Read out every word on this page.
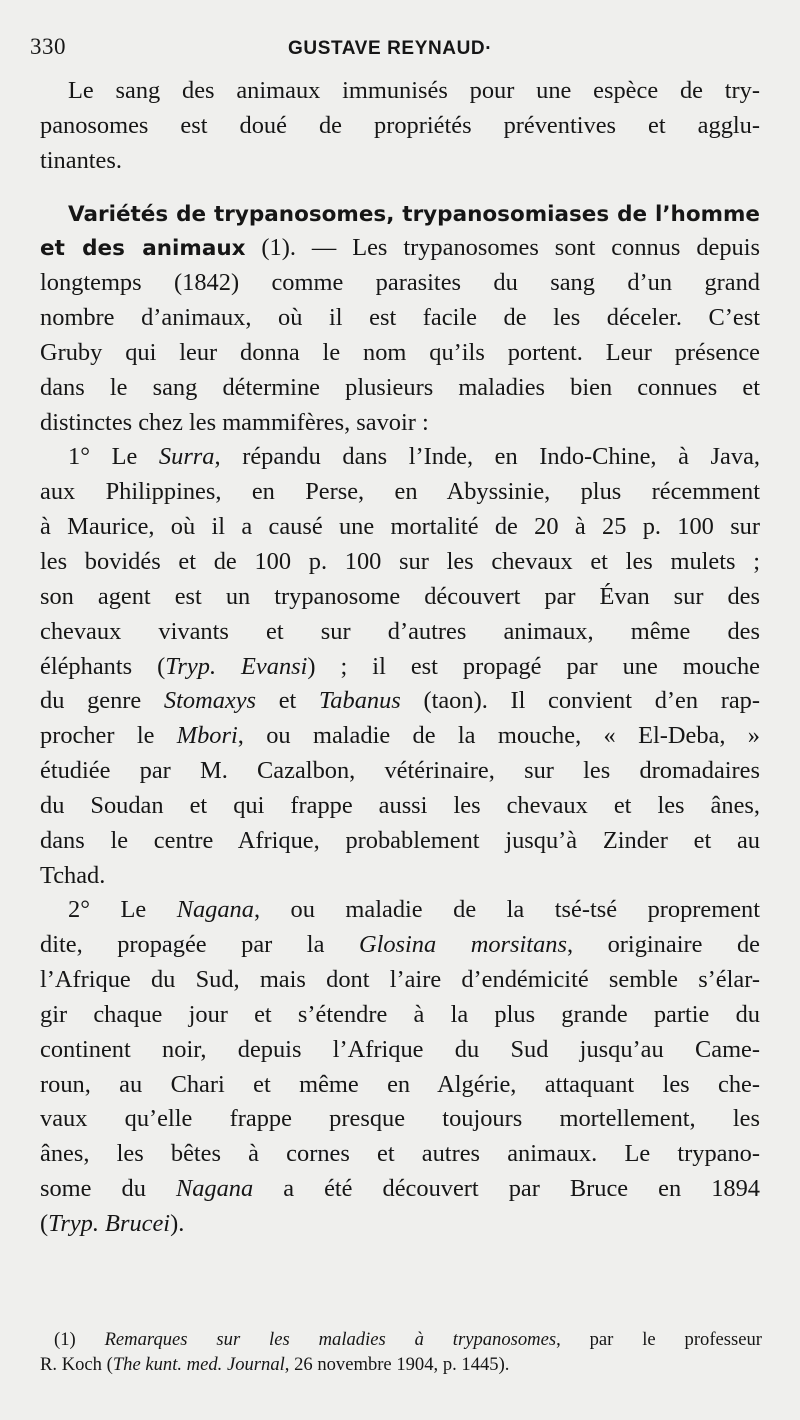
330	GUSTAVE REYNAUD·
Le sang des animaux immunisés pour une espèce de try-
panosomes est doué de propriétés préventives et agglu-
tinantes.
Variétés de trypanosomes, trypanosomiases de l’homme
et des animaux (1). — Les trypanosomes sont connus depuis
longtemps (1842) comme parasites du sang d’un grand
nombre d’animaux, où il est facile de les déceler. C’est
Gruby qui leur donna le nom qu’ils portent. Leur présence
dans le sang détermine plusieurs maladies bien connues et
distinctes chez les mammifères, savoir :
1° Le Surra, répandu dans l’Inde, en Indo-Chine, à Java,
aux Philippines, en Perse, en Abyssinie, plus récemment
à Maurice, où il a causé une mortalité de 20 à 25 p. 100 sur
les bovidés et de 100 p. 100 sur les chevaux et les mulets ;
son agent est un trypanosome découvert par Évan sur des
chevaux vivants et sur d’autres animaux, même des
éléphants (Tryp. Evansi) ; il est propagé par une mouche
du genre Stomaxys et Tabanus (taon). Il convient d’en rap-
procher le Mbori, ou maladie de la mouche, « El-Deba, »
étudiée par M. Cazalbon, vétérinaire, sur les dromadaires
du Soudan et qui frappe aussi les chevaux et les ânes,
dans le centre Afrique, probablement jusqu’à Zinder et au
Tchad.
2° Le Nagana, ou maladie de la tsé-tsé proprement
dite, propagée par la Glosina morsitans, originaire de
l’Afrique du Sud, mais dont l’aire d’endémicité semble s’élar-
gir chaque jour et s’étendre à la plus grande partie du
continent noir, depuis l’Afrique du Sud jusqu’au Came-
roun, au Chari et même en Algérie, attaquant les che-
vaux qu’elle frappe presque toujours mortellement, les
ânes, les bêtes à cornes et autres animaux. Le trypano-
some du Nagana a été découvert par Bruce en 1894
(Tryp. Brucei).
(1) Remarques sur les maladies à trypanosomes, par le professeur
R. Koch (The kunt. med. Journal, 26 novembre 1904, p. 1445).
